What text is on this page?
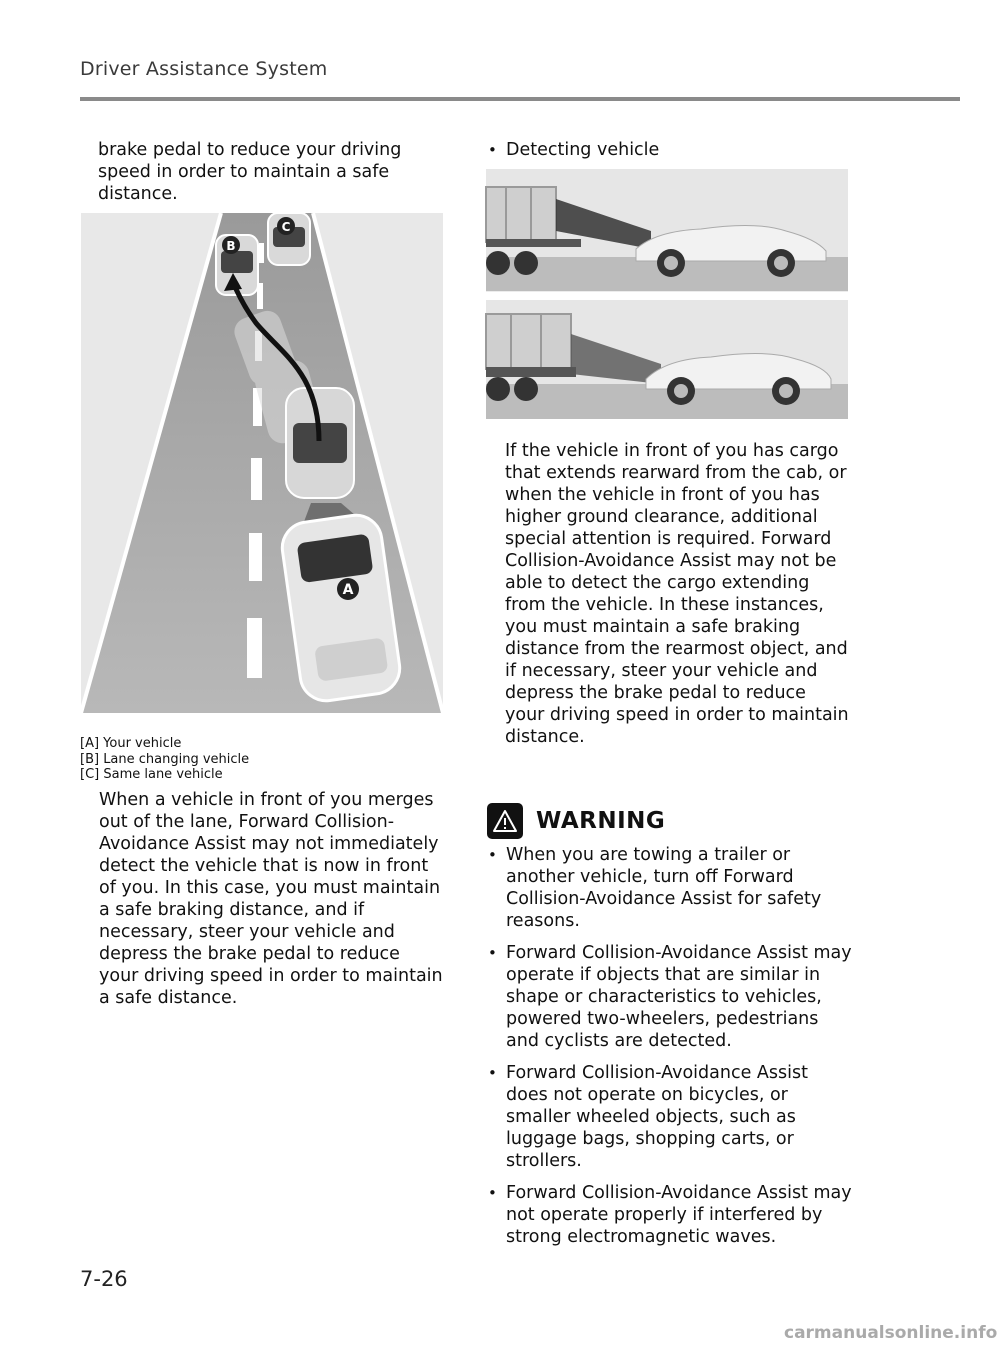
Driver Assistance System
brake pedal to reduce your driving speed in order to maintain a safe distance.
B
C
A
[A] Your vehicle
[B] Lane changing vehicle
[C] Same lane vehicle
When a vehicle in front of you merges out of the lane, Forward Collision-Avoidance Assist may not immediately detect the vehicle that is now in front of you. In this case, you must maintain a safe braking distance, and if necessary, steer your vehicle and depress the brake pedal to reduce your driving speed in order to maintain a safe distance.
• Detecting vehicle
If the vehicle in front of you has cargo that extends rearward from the cab, or when the vehicle in front of you has higher ground clearance, additional special attention is required. Forward Collision-Avoidance Assist may not be able to detect the cargo extending from the vehicle. In these instances, you must maintain a safe braking distance from the rearmost object, and if necessary, steer your vehicle and depress the brake pedal to reduce your driving speed in order to maintain distance.
WARNING
• When you are towing a trailer or another vehicle, turn off Forward Collision-Avoidance Assist for safety reasons.
• Forward Collision-Avoidance Assist may operate if objects that are similar in shape or characteristics to vehicles, powered two-wheelers, pedestrians and cyclists are detected.
• Forward Collision-Avoidance Assist does not operate on bicycles, or smaller wheeled objects, such as luggage bags, shopping carts, or strollers.
• Forward Collision-Avoidance Assist may not operate properly if interfered by strong electromagnetic waves.
7-26
carmanualsonline.info
